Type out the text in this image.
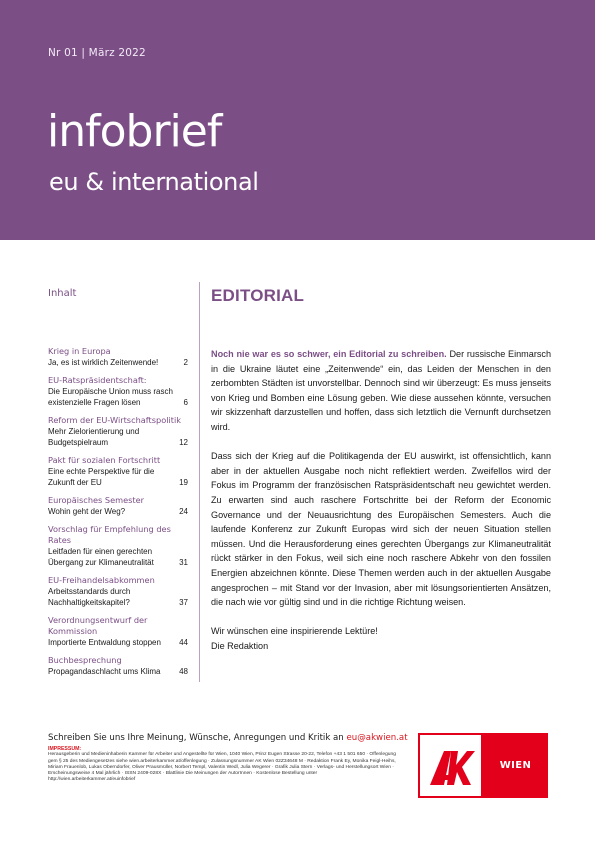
Nr 01 | März 2022
infobrief
eu & international
Inhalt
Krieg in Europa
Ja, es ist wirklich Zeitenwende!	2
EU-Ratspräsidentschaft:
Die Europäische Union muss rasch existenzielle Fragen lösen	6
Reform der EU-Wirtschaftspolitik
Mehr Zielorientierung und Budgetspielraum	12
Pakt für sozialen Fortschritt
Eine echte Perspektive für die Zukunft der EU	19
Europäisches Semester
Wohin geht der Weg?	24
Vorschlag für Empfehlung des Rates
Leitfaden für einen gerechten Übergang zur Klimaneutralität	31
EU-Freihandelsabkommen
Arbeitsstandards durch Nachhaltigkeitskapitel?	37
Verordnungsentwurf der Kommission
Importierte Entwaldung stoppen	44
Buchbesprechung
Propagandaschlacht ums Klima	48
EDITORIAL

Noch nie war es so schwer, ein Editorial zu schreiben. Der russische Einmarsch in die Ukraine läutet eine „Zeitenwende“ ein, das Leiden der Menschen in den zerbombten Städten ist unvorstellbar. Dennoch sind wir überzeugt: Es muss jenseits von Krieg und Bomben eine Lösung geben. Wie diese aussehen könnte, versuchen wir skizzenhaft darzustellen und hoffen, dass sich letztlich die Vernunft durchsetzen wird.

Dass sich der Krieg auf die Politikagenda der EU auswirkt, ist offensichtlich, kann aber in der aktuellen Ausgabe noch nicht reflektiert werden. Zweifellos wird der Fokus im Programm der französischen Ratspräsidentschaft neu gewichtet werden. Zu erwarten sind auch raschere Fortschritte bei der Reform der Economic Governance und der Neuausrichtung des Europäischen Semesters. Auch die laufende Konferenz zur Zukunft Europas wird sich der neuen Situation stellen müssen. Und die Herausforderung eines gerechten Übergangs zur Klimaneutralität rückt stärker in den Fokus, weil sich eine noch raschere Abkehr von den fossilen Energien abzeichnen könnte. Diese Themen werden auch in der aktuellen Ausgabe angesprochen – mit Stand vor der Invasion, aber mit lösungsorientierten Ansätzen, die nach wie vor gültig sind und in die richtige Richtung weisen.

Wir wünschen eine inspirierende Lektüre!
Die Redaktion
Schreiben Sie uns Ihre Meinung, Wünsche, Anregungen und Kritik an eu@akwien.at
IMPRESSUM:
Herausgeberin und Medieninhaberin Kammer für Arbeiter und Angestellte für Wien, 1040 Wien, Prinz Eugen Strasse 20-22, Telefon +43 1 501 650 · Offenlegung gem § 25 des Mediengesetzes siehe wien.arbeiterkammer.at/offenlegung · Zulassungsnummer AK Wien 02Z34648 M · Redaktion Frank Ey, Monika Feigl-Heihs, Miriam Frauenlob, Lukas Oberndorfer, Oliver Prausmüller, Norbert Templ, Valentin Wedl, Julia Wegerer · Grafik Julia Stern · Verlags- und Herstellungsort Wien · Erscheinungsweise 4 Mal jährlich · ISSN 2409-028X · Blattlinie Die Meinungen der AutorInnen · Kostenlose Bestellung unter http://wien.arbeiterkammer.at/euinfobrief
WIEN
